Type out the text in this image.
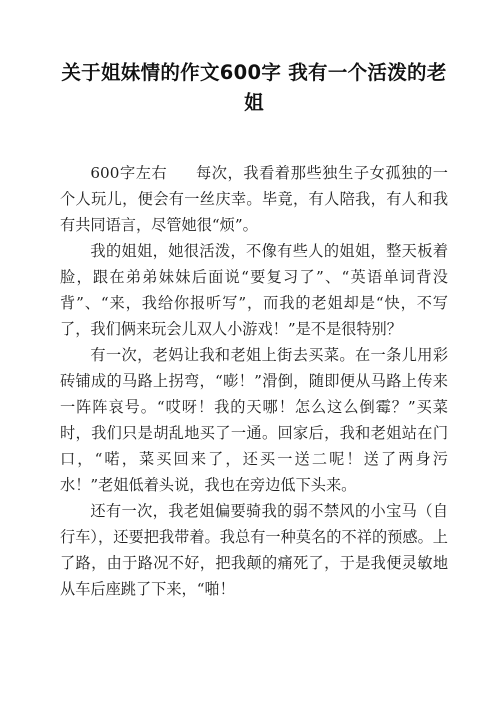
关于姐妹情的作文600字 我有一个活泼的老姐

600字左右 每次，我看着那些独生子女孤独的一个人玩儿，便会有一丝庆幸。毕竟，有人陪我，有人和我有共同语言，尽管她很“烦”。

我的姐姐，她很活泼，不像有些人的姐姐，整天板着脸，跟在弟弟妹妹后面说“要复习了”、“英语单词背没背”、“来，我给你报听写”，而我的老姐却是“快，不写了，我们俩来玩会儿双人小游戏！”是不是很特别？

有一次，老妈让我和老姐上街去买菜。在一条儿用彩砖铺成的马路上拐弯，“嘭！”滑倒，随即便从马路上传来一阵阵哀号。“哎呀！我的天哪！怎么这么倒霉？”买菜时，我们只是胡乱地买了一通。回家后，我和老姐站在门口，“喏，菜买回来了，还买一送二呢！送了两身污水！”老姐低着头说，我也在旁边低下头来。

还有一次，我老姐偏要骑我的弱不禁风的小宝马（自行车），还要把我带着。我总有一种莫名的不祥的预感。上了路，由于路况不好，把我颠的痛死了，于是我便灵敏地从车后座跳了下来，“啪！
